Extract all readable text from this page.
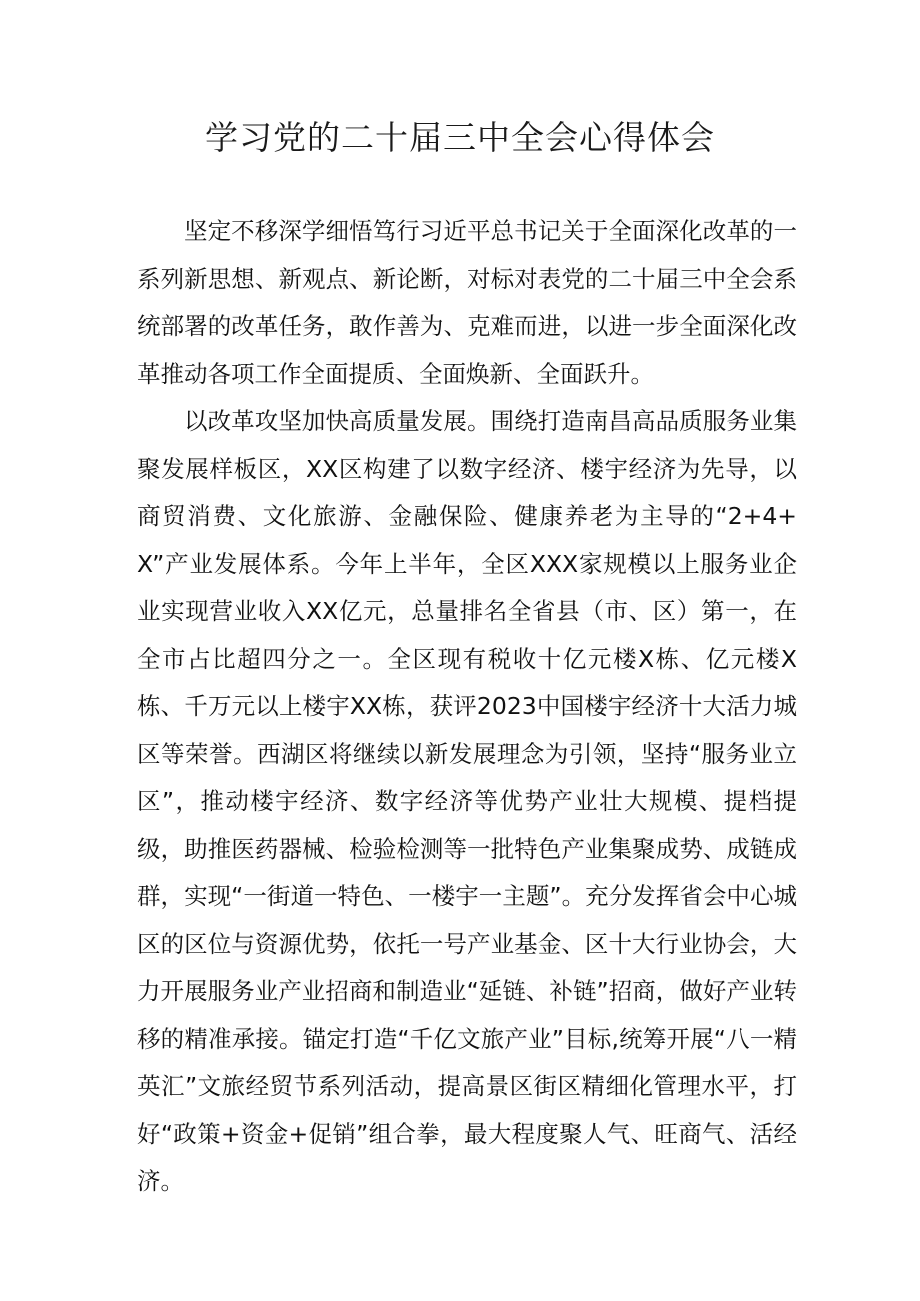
学习党的二十届三中全会心得体会

坚定不移深学细悟笃行习近平总书记关于全面深化改革的一系列新思想、新观点、新论断，对标对表党的二十届三中全会系统部署的改革任务，敢作善为、克难而进，以进一步全面深化改革推动各项工作全面提质、全面焕新、全面跃升。

以改革攻坚加快高质量发展。围绕打造南昌高品质服务业集聚发展样板区，XX区构建了以数字经济、楼宇经济为先导，以商贸消费、文化旅游、金融保险、健康养老为主导的“2+4+X”产业发展体系。今年上半年，全区XXX家规模以上服务业企业实现营业收入XX亿元，总量排名全省县（市、区）第一，在全市占比超四分之一。全区现有税收十亿元楼X栋、亿元楼X栋、千万元以上楼宇XX栋，获评2023中国楼宇经济十大活力城区等荣誉。西湖区将继续以新发展理念为引领，坚持“服务业立区”，推动楼宇经济、数字经济等优势产业壮大规模、提档提级，助推医药器械、检验检测等一批特色产业集聚成势、成链成群，实现“一街道一特色、一楼宇一主题”。充分发挥省会中心城区的区位与资源优势，依托一号产业基金、区十大行业协会，大力开展服务业产业招商和制造业“延链、补链”招商，做好产业转移的精准承接。锚定打造“千亿文旅产业”目标,统筹开展“八一精英汇”文旅经贸节系列活动，提高景区街区精细化管理水平，打好“政策+资金+促销”组合拳，最大程度聚人气、旺商气、活经济。
